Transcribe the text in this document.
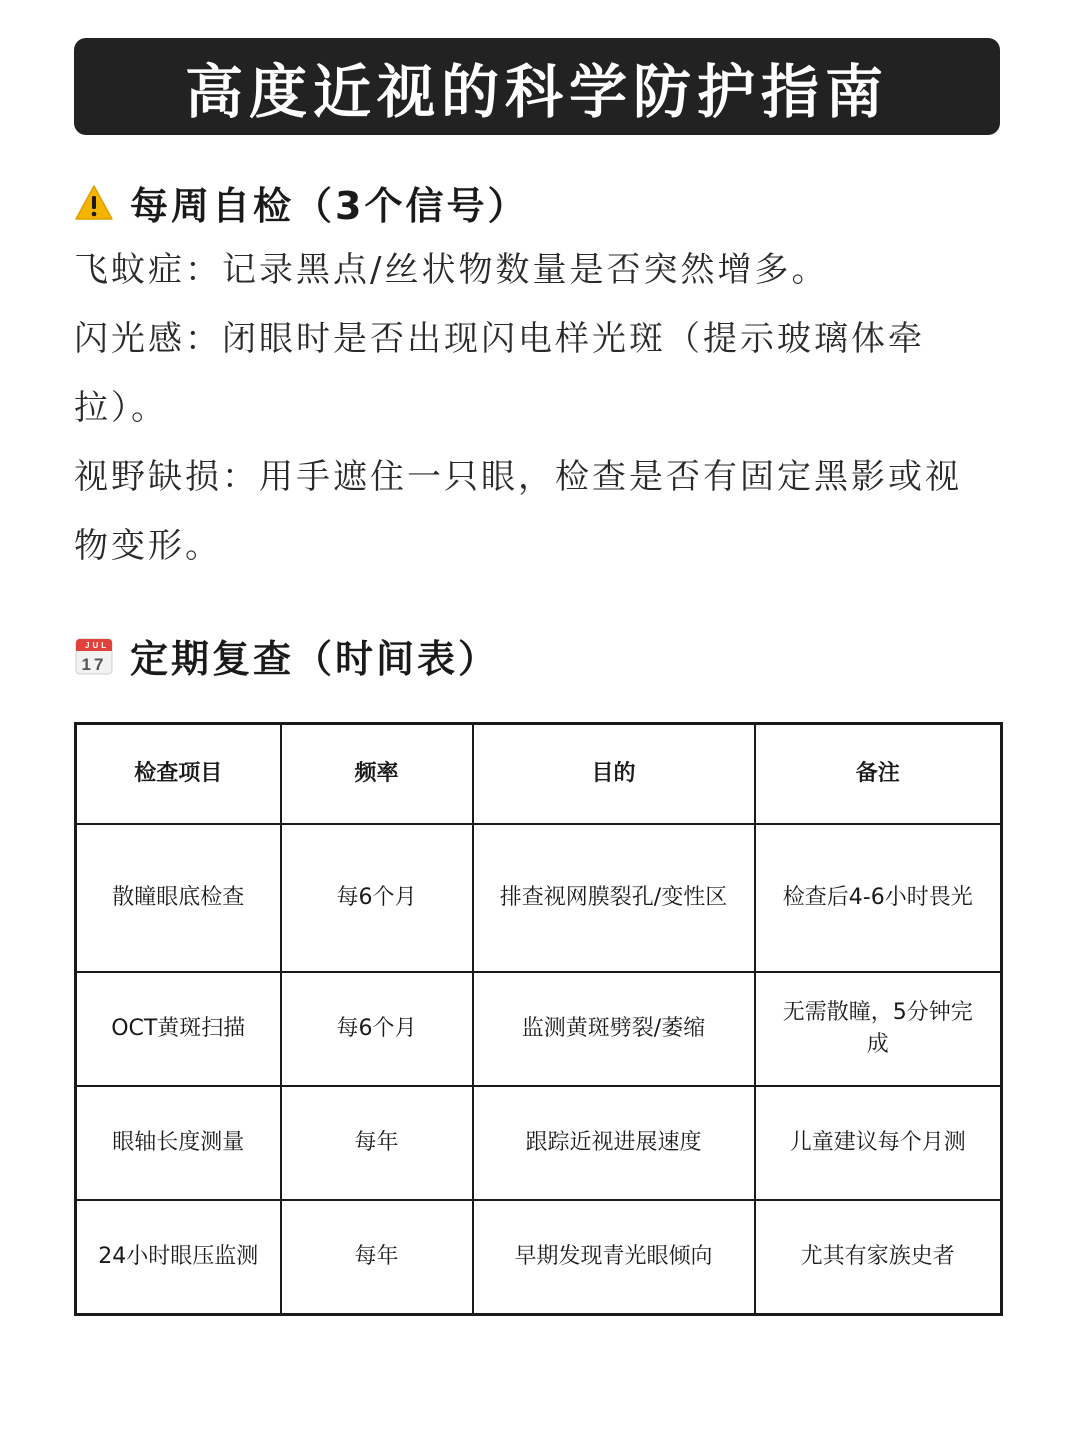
高度近视的科学防护指南
每周自检（3个信号）

飞蚊症：记录黑点/丝状物数量是否突然增多。

闪光感：闭眼时是否出现闪电样光斑（提示玻璃体牵拉）。

视野缺损：用手遮住一只眼，检查是否有固定黑影或视物变形。

JUL
17 定期复查（时间表）
检查项目	频率	目的	备注
散瞳眼底检查	每6个月	排查视网膜裂孔/变性区	检查后4-6小时畏光
OCT黄斑扫描	每6个月	监测黄斑劈裂/萎缩	无需散瞳，5分钟完成
眼轴长度测量	每年	跟踪近视进展速度	儿童建议每个月测
24小时眼压监测	每年	早期发现青光眼倾向	尤其有家族史者
